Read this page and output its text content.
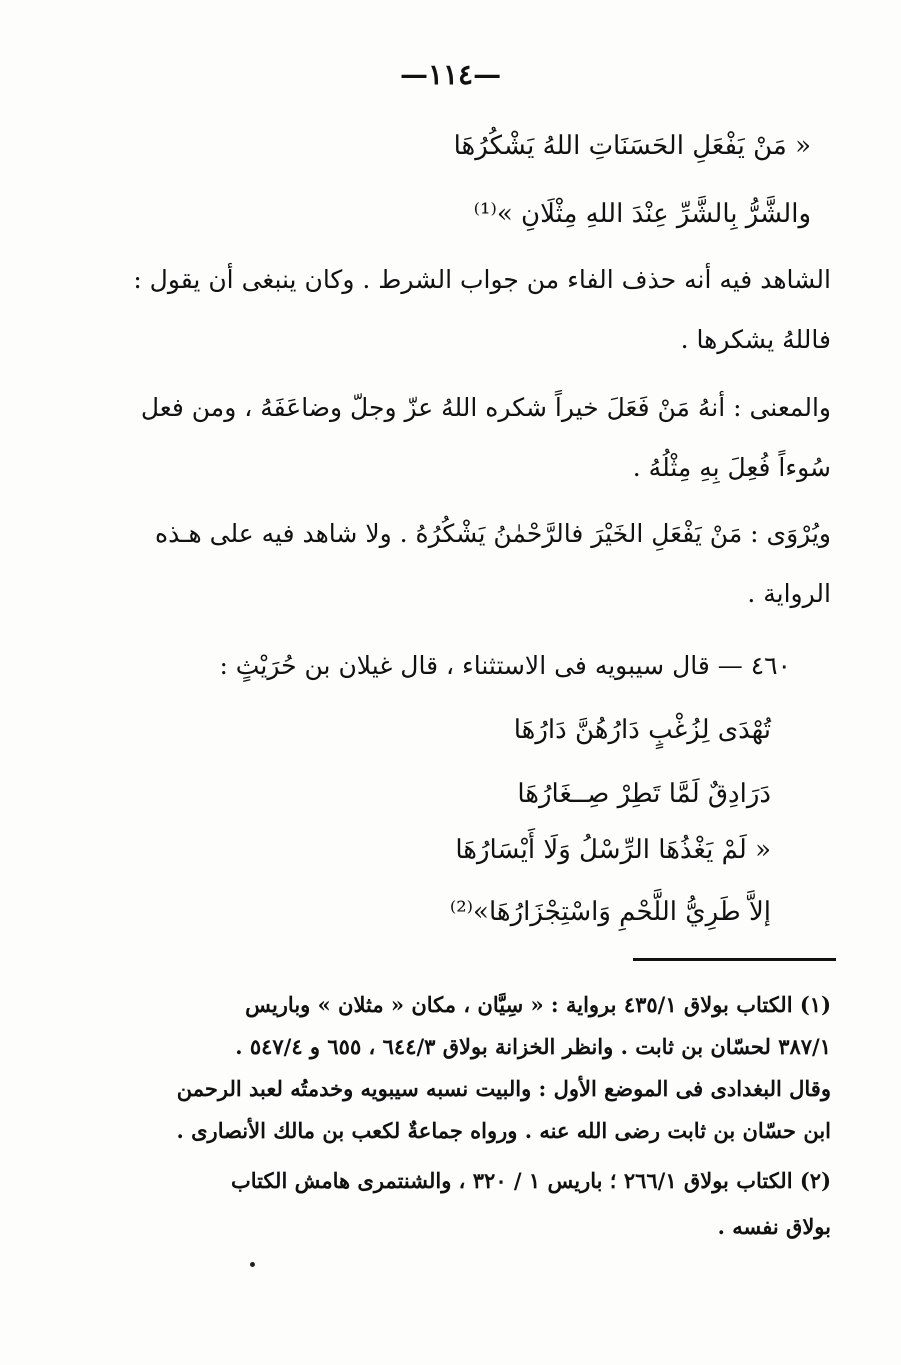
—١١٤—
« مَنْ يَفْعَلِ الحَسَنَاتِ اللهُ يَشْكُرُهَا
والشَّرُّ بِالشَّرِّ عِنْدَ اللهِ مِثْلَانِ »⁽¹⁾
الشاهد فيه أنه حذف الفاء من جواب الشرط . وكان ينبغى أن يقول :
فاللهُ يشكرها .
والمعنى : أنهُ مَنْ فَعَلَ خيراً شكره اللهُ عزّ وجلّ وضاعَفَهُ ، ومن فعل
سُوءاً فُعِلَ بِهِ مِثْلُهُ .
ويُرْوَى : مَنْ يَفْعَلِ الخَيْرَ فالرَّحْمٰنُ يَشْكُرُهُ . ولا شاهد فيه على هـذه
الرواية .
٤٦٠ — قال سيبويه فى الاستثناء ، قال غيلان بن حُرَيْثٍ :
تُهْدَى لِزُغْبٍ دَارُهُنَّ دَارُهَا
دَرَادِقٌ لَمَّا تَطِرْ صِــغَارُهَا
« لَمْ يَغْذُهَا الرِّسْلُ وَلَا أَيْسَارُهَا
إلاَّ طَرِيُّ اللَّحْمِ وَاسْتِجْزَارُهَا»⁽²⁾
(١) الكتاب بولاق ٤٣٥/١ برواية : « سِيَّان ، مكان « مثلان » وباريس
٣٨٧/١ لحسّان بن ثابت . وانظر الخزانة بولاق ٦٤٤/٣ ، ٦٥٥ و ٥٤٧/٤ .
وقال البغدادى فى الموضع الأول : والبيت نسبه سيبويه وخدمتُه لعبد الرحمن
ابن حسّان بن ثابت رضى الله عنه . ورواه جماعةٌ لكعب بن مالك الأنصارى .
(٢) الكتاب بولاق ٢٦٦/١ ؛ باريس ١ / ٣٢٠ ، والشنتمرى هامش الكتاب
بولاق نفسه .
